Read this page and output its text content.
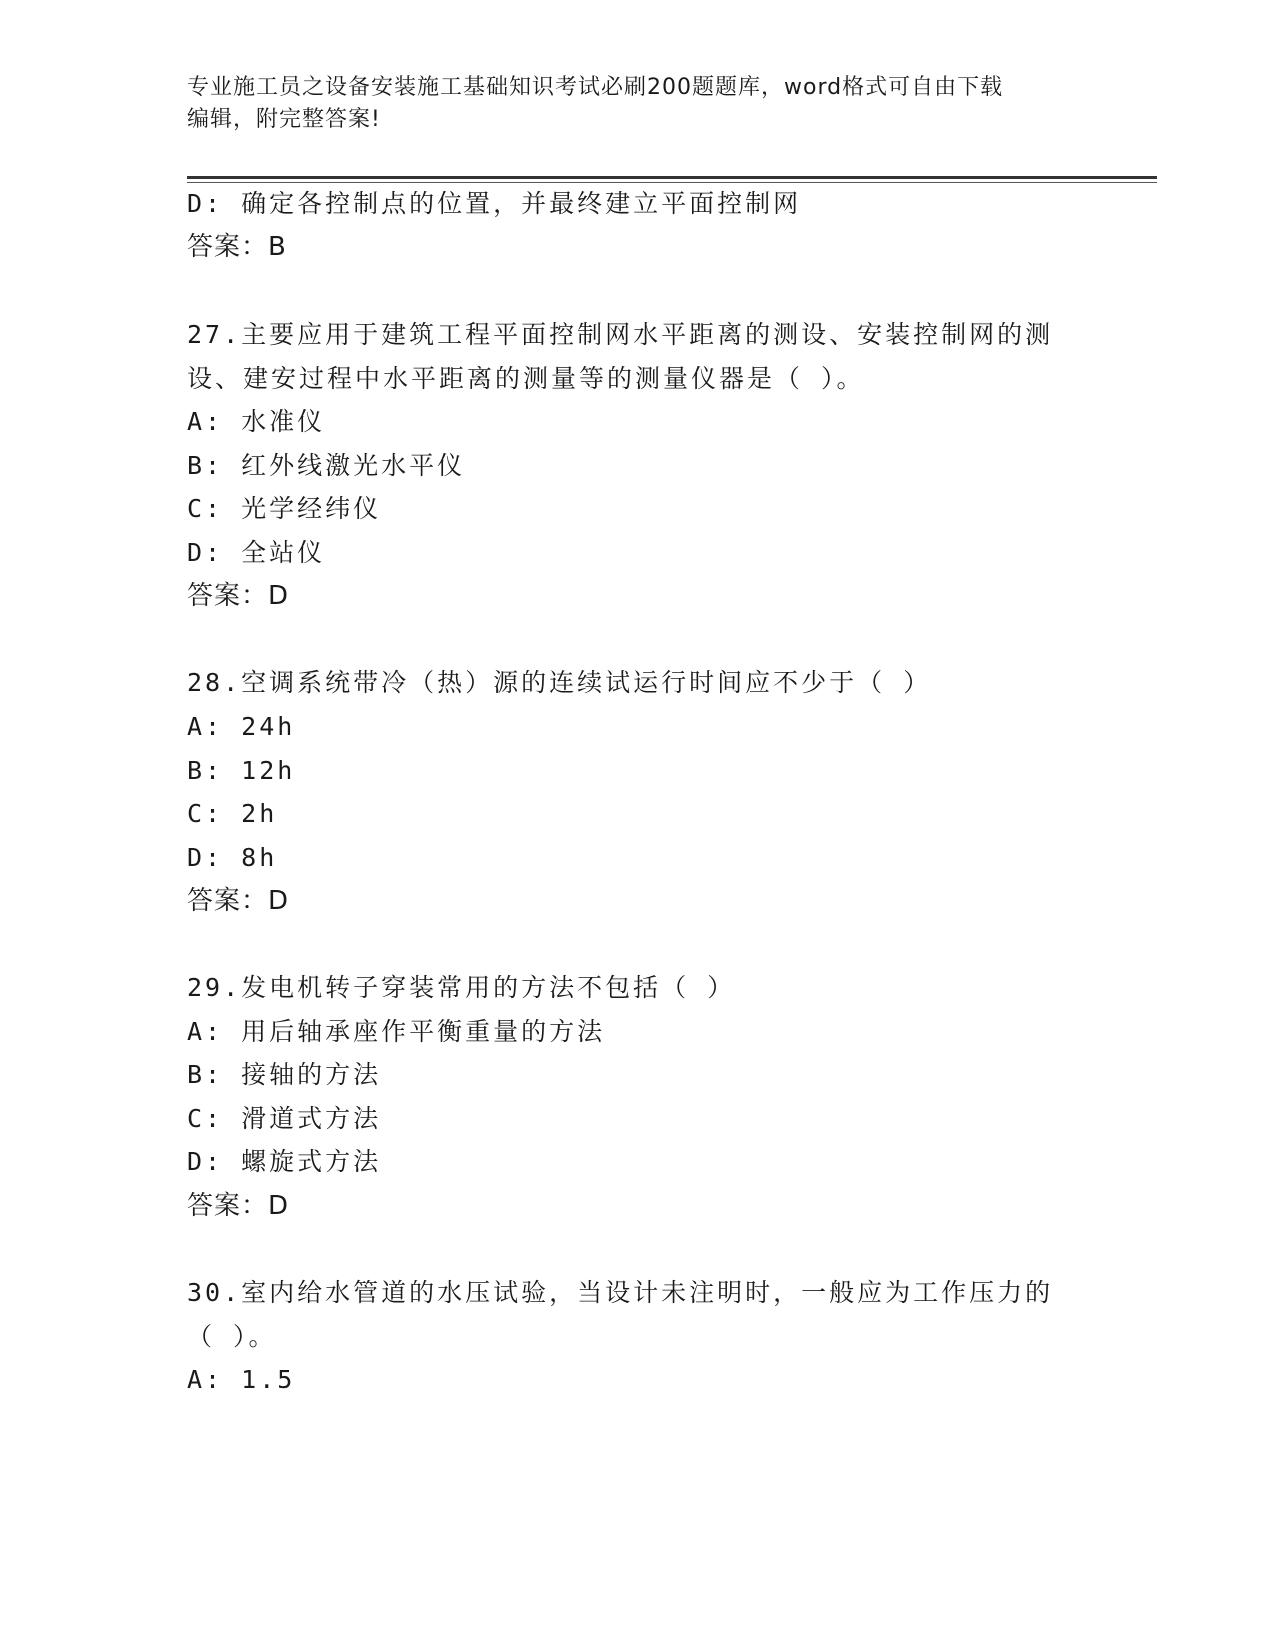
专业施工员之设备安装施工基础知识考试必刷200题题库，word格式可自由下载
编辑，附完整答案!
D: 确定各控制点的位置，并最终建立平面控制网
答案：B
27.主要应用于建筑工程平面控制网水平距离的测设、安装控制网的测
设、建安过程中水平距离的测量等的测量仪器是（ ）。
A: 水准仪
B: 红外线激光水平仪
C: 光学经纬仪
D: 全站仪
答案：D
28.空调系统带冷（热）源的连续试运行时间应不少于（ ）
A: 24h
B: 12h
C: 2h
D: 8h
答案：D
29.发电机转子穿装常用的方法不包括（ ）
A: 用后轴承座作平衡重量的方法
B: 接轴的方法
C: 滑道式方法
D: 螺旋式方法
答案：D
30.室内给水管道的水压试验，当设计未注明时，一般应为工作压力的
（ ）。
A: 1.5
